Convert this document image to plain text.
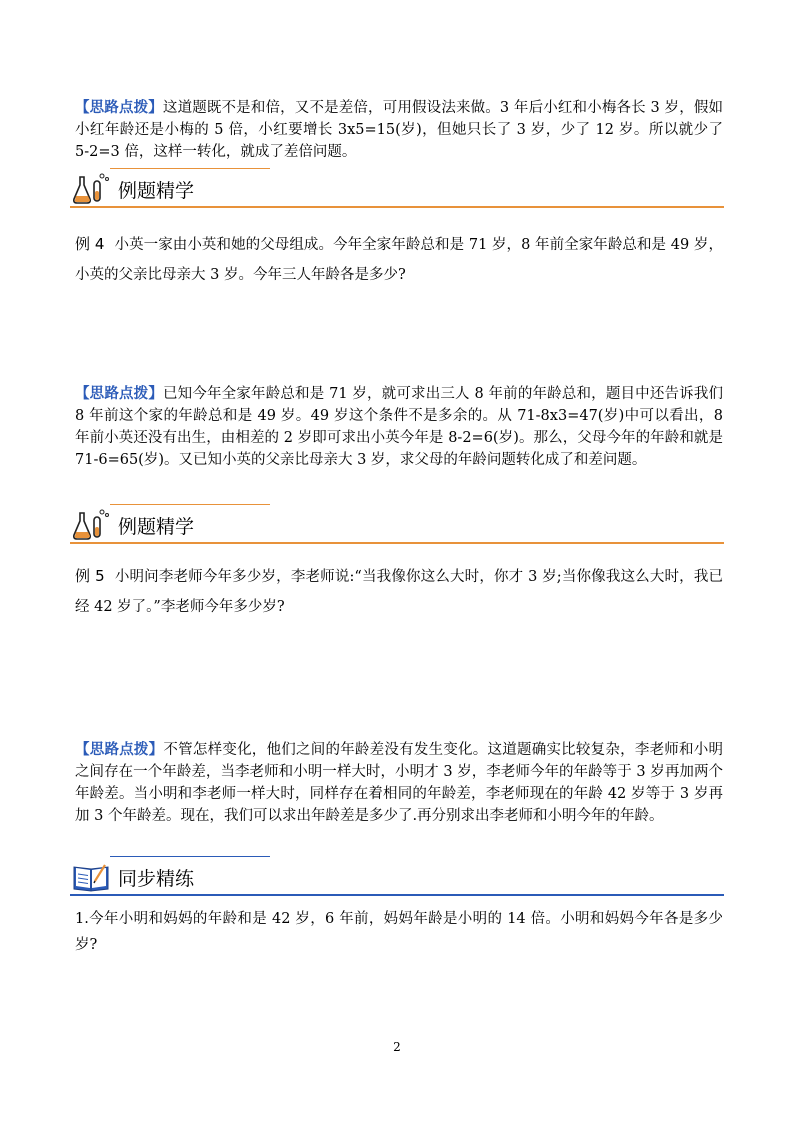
【思路点拨】这道题既不是和倍，又不是差倍，可用假设法来做。3 年后小红和小梅各长 3 岁，假如小红年龄还是小梅的 5 倍，小红要增长 3x5=15(岁)，但她只长了 3 岁，少了 12 岁。所以就少了 5-2=3 倍，这样一转化，就成了差倍问题。
例题精学
例 4 小英一家由小英和她的父母组成。今年全家年龄总和是 71 岁，8 年前全家年龄总和是 49 岁，小英的父亲比母亲大 3 岁。今年三人年龄各是多少?
【思路点拨】已知今年全家年龄总和是 71 岁，就可求出三人 8 年前的年龄总和，题目中还告诉我们 8 年前这个家的年龄总和是 49 岁。49 岁这个条件不是多余的。从 71-8x3=47(岁)中可以看出，8 年前小英还没有出生，由相差的 2 岁即可求出小英今年是 8-2=6(岁)。那么，父母今年的年龄和就是 71-6=65(岁)。又已知小英的父亲比母亲大 3 岁，求父母的年龄问题转化成了和差问题。
例题精学
例 5 小明问李老师今年多少岁，李老师说:“当我像你这么大时，你才 3 岁;当你像我这么大时，我已经 42 岁了。”李老师今年多少岁?
【思路点拨】不管怎样变化，他们之间的年龄差没有发生变化。这道题确实比较复杂，李老师和小明之间存在一个年龄差，当李老师和小明一样大时，小明才 3 岁，李老师今年的年龄等于 3 岁再加两个年龄差。当小明和李老师一样大时，同样存在着相同的年龄差，李老师现在的年龄 42 岁等于 3 岁再加 3 个年龄差。现在，我们可以求出年龄差是多少了.再分别求出李老师和小明今年的年龄。
同步精练
1.今年小明和妈妈的年龄和是 42 岁，6 年前，妈妈年龄是小明的 14 倍。小明和妈妈今年各是多少岁?
2
